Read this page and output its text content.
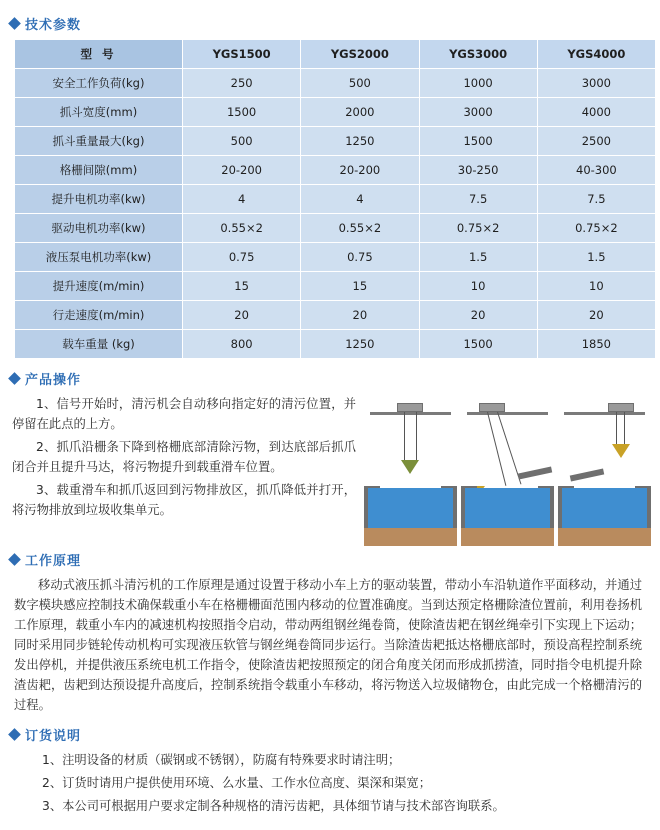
技术参数
型 号	YGS1500	YGS2000	YGS3000	YGS4000
安全工作负荷(kg)	250	500	1000	3000
抓斗宽度(mm)	1500	2000	3000	4000
抓斗重量最大(kg)	500	1250	1500	2500
格栅间隙(mm)	20-200	20-200	30-250	40-300
提升电机功率(kw)	4	4	7.5	7.5
驱动电机功率(kw)	0.55×2	0.55×2	0.75×2	0.75×2
液压泵电机功率(kw)	0.75	0.75	1.5	1.5
提升速度(m/min)	15	15	10	10
行走速度(m/min)	20	20	20	20
载车重量 (kg)	800	1250	1500	1850
产品操作

1、信号开始时，清污机会自动移向指定好的清污位置，并停留在此点的上方。

2、抓爪沿栅条下降到格栅底部清除污物，到达底部后抓爪闭合并且提升马达，将污物提升到载重滑车位置。

3、载重滑车和抓爪返回到污物排放区，抓爪降低并打开，将污物排放到垃圾收集单元。

工作原理

移动式液压抓斗清污机的工作原理是通过设置于移动小车上方的驱动装置，带动小车沿轨道作平面移动，并通过数字模块感应控制技术确保载重小车在格栅栅面范围内移动的位置准确度。当到达预定格栅除渣位置前，利用卷扬机工作原理，载重小车内的减速机构按照指令启动，带动两组钢丝绳卷筒，使除渣齿耙在钢丝绳牵引下实现上下运动；同时采用同步链轮传动机构可实现液压软管与钢丝绳卷筒同步运行。当除渣齿耙抵达格栅底部时，预设高程控制系统发出停机，并提供液压系统电机工作指令，使除渣齿耙按照预定的闭合角度关闭而形成抓捞渣，同时指令电机提升除渣齿耙，齿耙到达预设提升高度后，控制系统指令载重小车移动，将污物送入垃圾储物仓，由此完成一个格栅清污的过程。

订货说明

1、注明设备的材质（碳钢或不锈钢），防腐有特殊要求时请注明；

2、订货时请用户提供使用环境、么水量、工作水位高度、渠深和渠宽；

3、本公司可根据用户要求定制各种规格的清污齿耙，具体细节请与技术部咨询联系。
